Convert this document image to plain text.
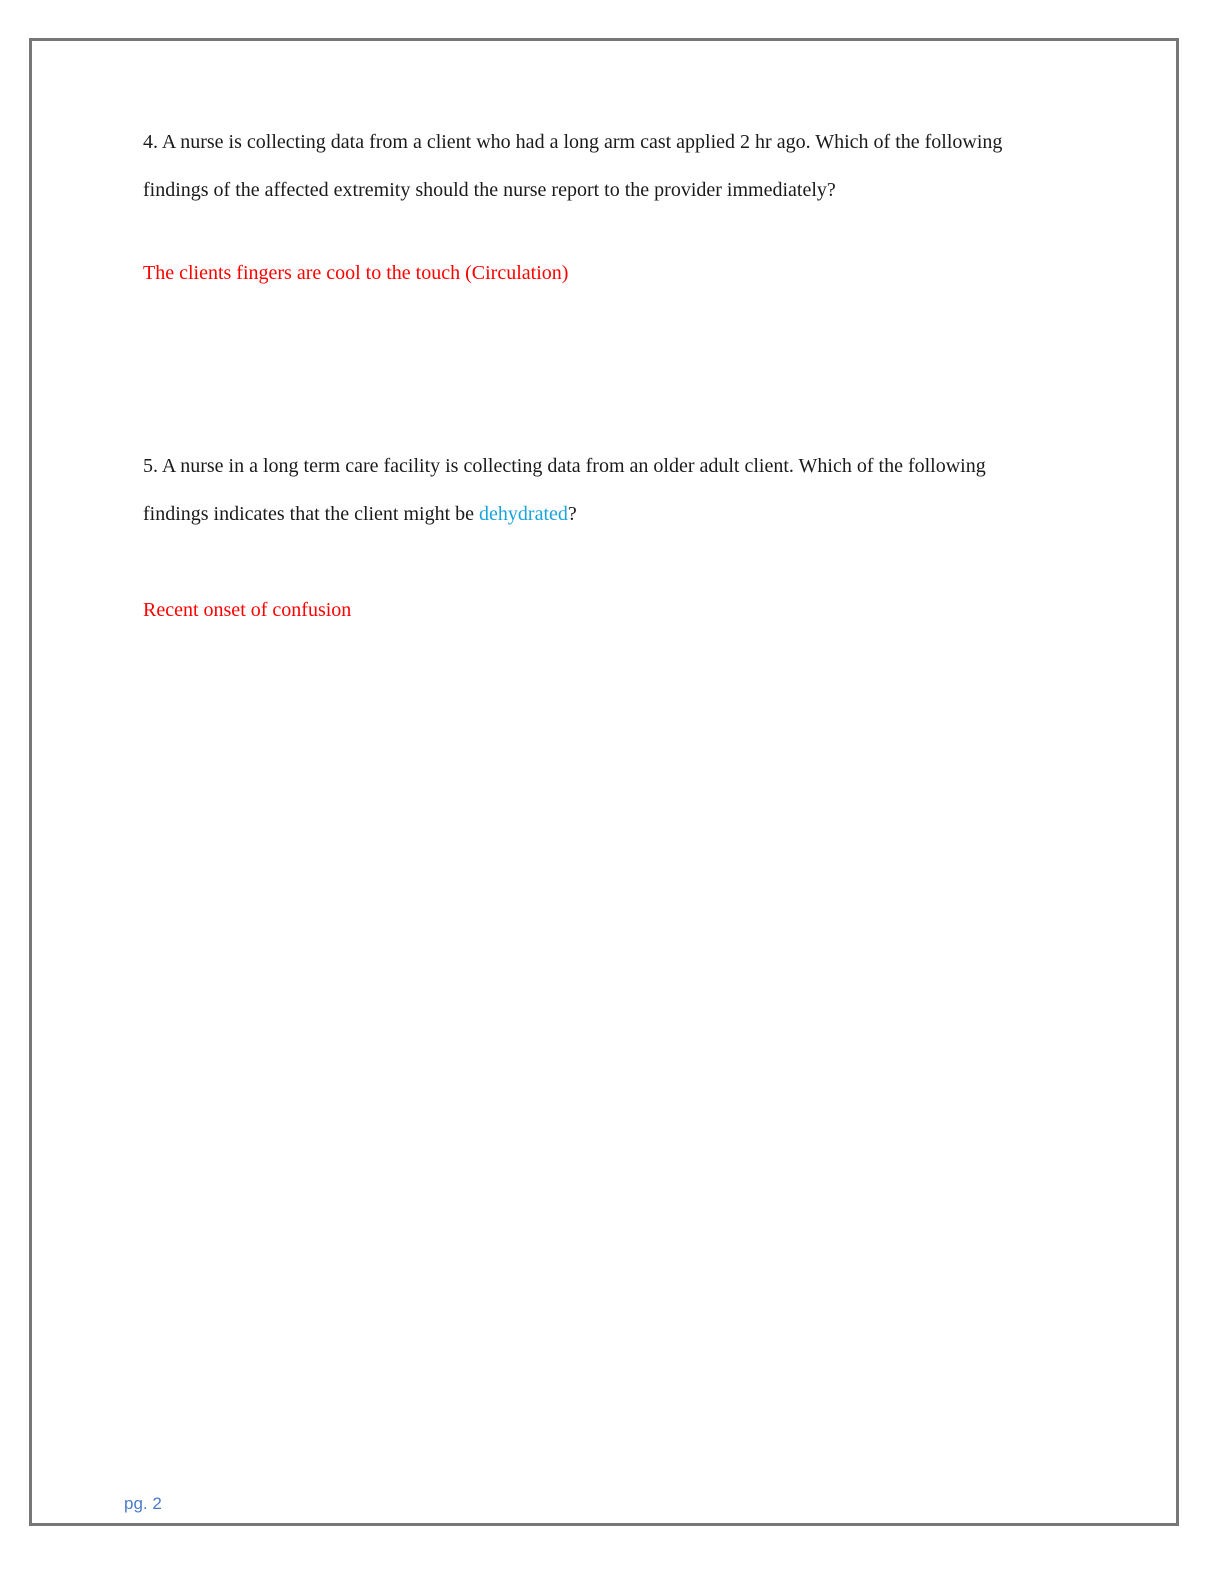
4. A nurse is collecting data from a client who had a long arm cast applied 2 hr ago. Which of the following findings of the affected extremity should the nurse report to the provider immediately?
The clients fingers are cool to the touch (Circulation)
5. A nurse in a long term care facility is collecting data from an older adult client. Which of the following findings indicates that the client might be dehydrated?
Recent onset of confusion
pg. 2
